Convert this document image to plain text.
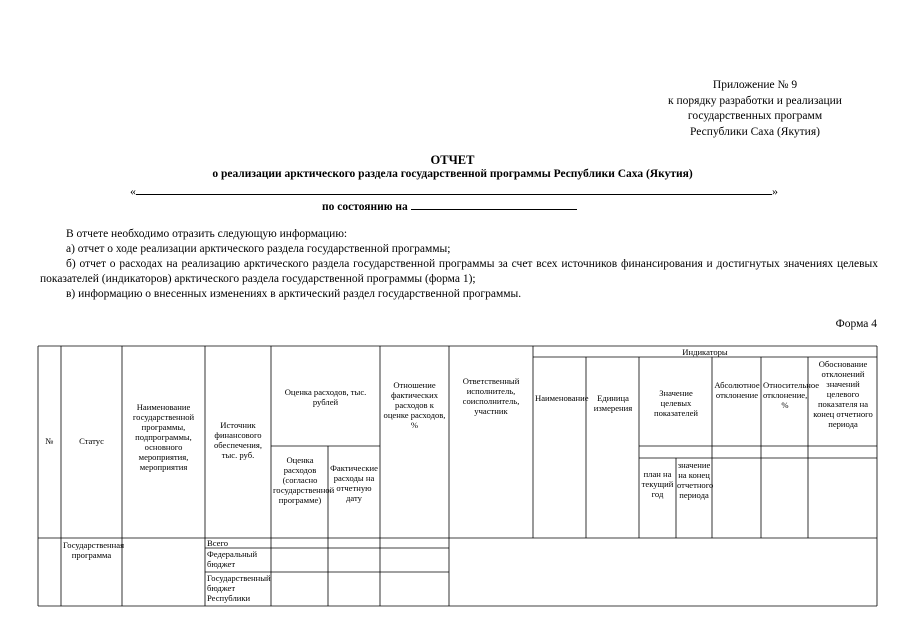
Приложение № 9
к порядку разработки и реализации
государственных программ
Республики Саха (Якутия)
ОТЧЕТ
о реализации арктического раздела государственной программы Республики Саха (Якутия)
«	»
по состоянию на

В отчете необходимо отразить следующую информацию:

а) отчет о ходе реализации арктического раздела государственной программы;

б) отчет о расходах на реализацию арктического раздела государственной программы за счет всех источников финансирования и достигнутых значениях целевых показателей (индикаторов) арктического раздела государственной программы (форма 1);

в) информацию о внесенных изменениях в арктический раздел государственной программы.

Форма 4
№	Статус
Наименование государственной программы, подпрограммы, основного мероприятия, мероприятия
Источник финансового обеспечения, тыс. руб.
Оценка расходов, тыс. рублей
Оценка расходов (согласно государственной программе)
Фактические расходы на отчетную дату
Отношение фактических расходов к оценке расходов, %
Ответственный исполнитель, соисполнитель, участник
Индикаторы
Наименование Единица измерения
Значение целевых показателей
план на текущий год
значение на конец отчетного периода
Абсолютное отклонение
Относительное отклонение, %
Обоснование отклонений значений целевого показателя на конец отчетного периода
Государственная программа
Всего
Федеральный бюджет
Государственный бюджет Республики
